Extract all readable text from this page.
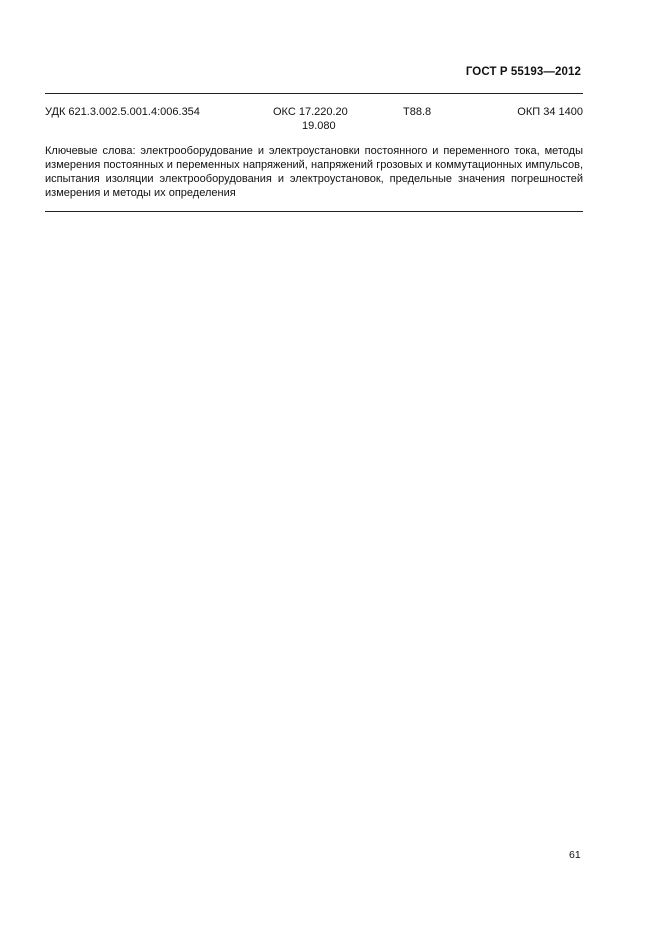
ГОСТ Р 55193—2012
УДК 621.3.002.5.001.4:006.354	ОКС 17.220.20
19.080
Т88.8	ОКП 34 1400
Ключевые слова: электрооборудование и электроустановки постоянного и переменного тока, методы измерения постоянных и переменных напряжений, напряжений грозовых и коммутационных импульсов, испытания изоляции электрооборудования и электроустановок, предельные значения погрешностей измерения и методы их определения
61
